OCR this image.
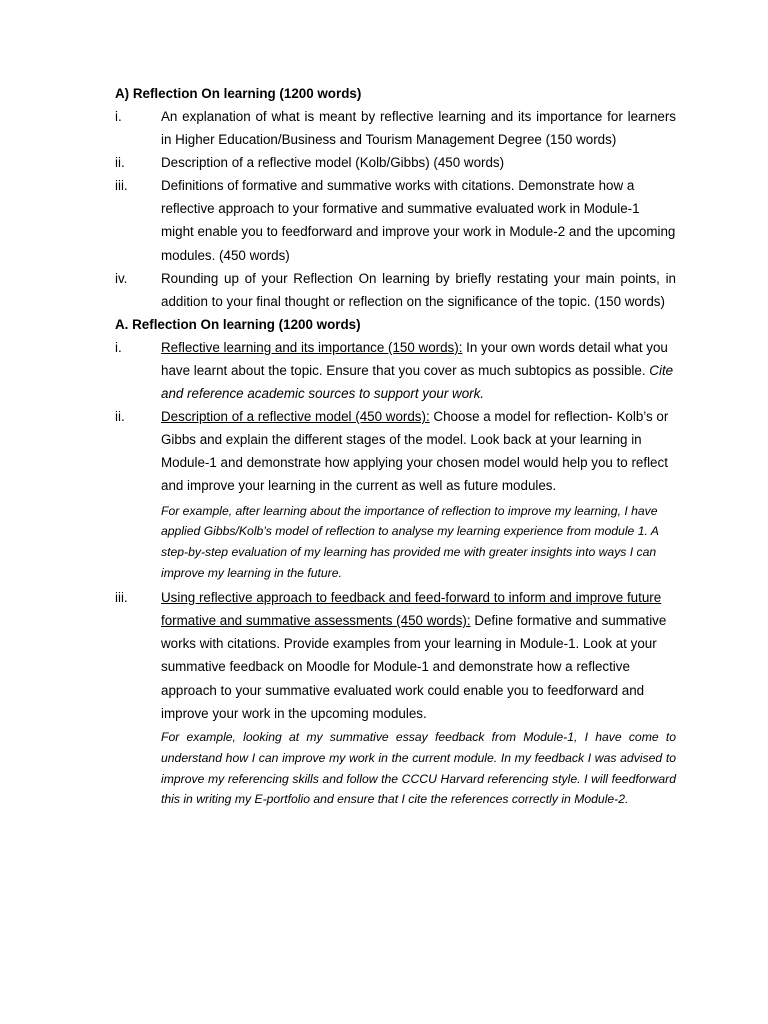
A) Reflection On learning (1200 words)
i.	An explanation of what is meant by reflective learning and its importance for learners in Higher Education/Business and Tourism Management Degree (150 words)
ii.	Description of a reflective model (Kolb/Gibbs) (450 words)
iii.	Definitions of formative and summative works with citations. Demonstrate how a reflective approach to your formative and summative evaluated work in Module-1 might enable you to feedforward and improve your work in Module-2 and the upcoming modules. (450 words)
iv.	Rounding up of your Reflection On learning by briefly restating your main points, in addition to your final thought or reflection on the significance of the topic. (150 words)
A. Reflection On learning (1200 words)
i.	Reflective learning and its importance (150 words): In your own words detail what you have learnt about the topic. Ensure that you cover as much subtopics as possible. Cite and reference academic sources to support your work.
ii.	Description of a reflective model (450 words): Choose a model for reflection- Kolb’s or Gibbs and explain the different stages of the model. Look back at your learning in Module-1 and demonstrate how applying your chosen model would help you to reflect and improve your learning in the current as well as future modules.
For example, after learning about the importance of reflection to improve my learning, I have applied Gibbs/Kolb’s model of reflection to analyse my learning experience from module 1. A step-by-step evaluation of my learning has provided me with greater insights into ways I can improve my learning in the future.
iii.	Using reflective approach to feedback and feed-forward to inform and improve future formative and summative assessments (450 words): Define formative and summative works with citations. Provide examples from your learning in Module-1. Look at your summative feedback on Moodle for Module-1 and demonstrate how a reflective approach to your summative evaluated work could enable you to feedforward and improve your work in the upcoming modules.
For example, looking at my summative essay feedback from Module-1, I have come to understand how I can improve my work in the current module. In my feedback I was advised to improve my referencing skills and follow the CCCU Harvard referencing style. I will feedforward this in writing my E-portfolio and ensure that I cite the references correctly in Module-2.
